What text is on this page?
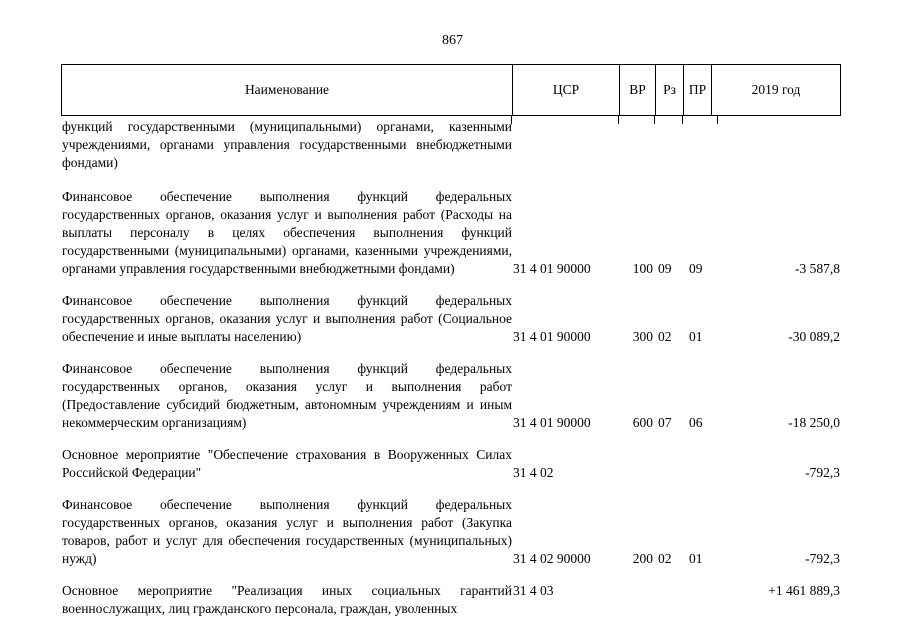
867
Наименование	ЦСР	ВР	Рз ПР	2019 год
функций государственными (муниципальными) органами, казенными учреждениями, органами управления государственными внебюджетными фондами)
Финансовое обеспечение выполнения функций федеральных государственных органов, оказания услуг и выполнения работ (Расходы на выплаты персоналу в целях обеспечения выполнения функций государственными (муниципальными) органами, казенными учреждениями, органами управления государственными внебюджетными фондами)	31 4 01 90000	100 09 09	-3 587,8
Финансовое обеспечение выполнения функций федеральных государственных органов, оказания услуг и выполнения работ (Социальное обеспечение и иные выплаты населению)	31 4 01 90000	300 02 01	-30 089,2
Финансовое обеспечение выполнения функций федеральных государственных органов, оказания услуг и выполнения работ (Предоставление субсидий бюджетным, автономным учреждениям и иным некоммерческим организациям)	31 4 01 90000	600 07 06	-18 250,0
Основное мероприятие "Обеспечение страхования в Вооруженных Силах Российской Федерации"	31 4 02	-792,3
Финансовое обеспечение выполнения функций федеральных государственных органов, оказания услуг и выполнения работ (Закупка товаров, работ и услуг для обеспечения государственных (муниципальных) нужд)	31 4 02 90000	200 02 01	-792,3
Основное мероприятие "Реализация иных социальных гарантий военнослужащих, лиц гражданского персонала, граждан, уволенных
31 4 03	+1 461 889,3
